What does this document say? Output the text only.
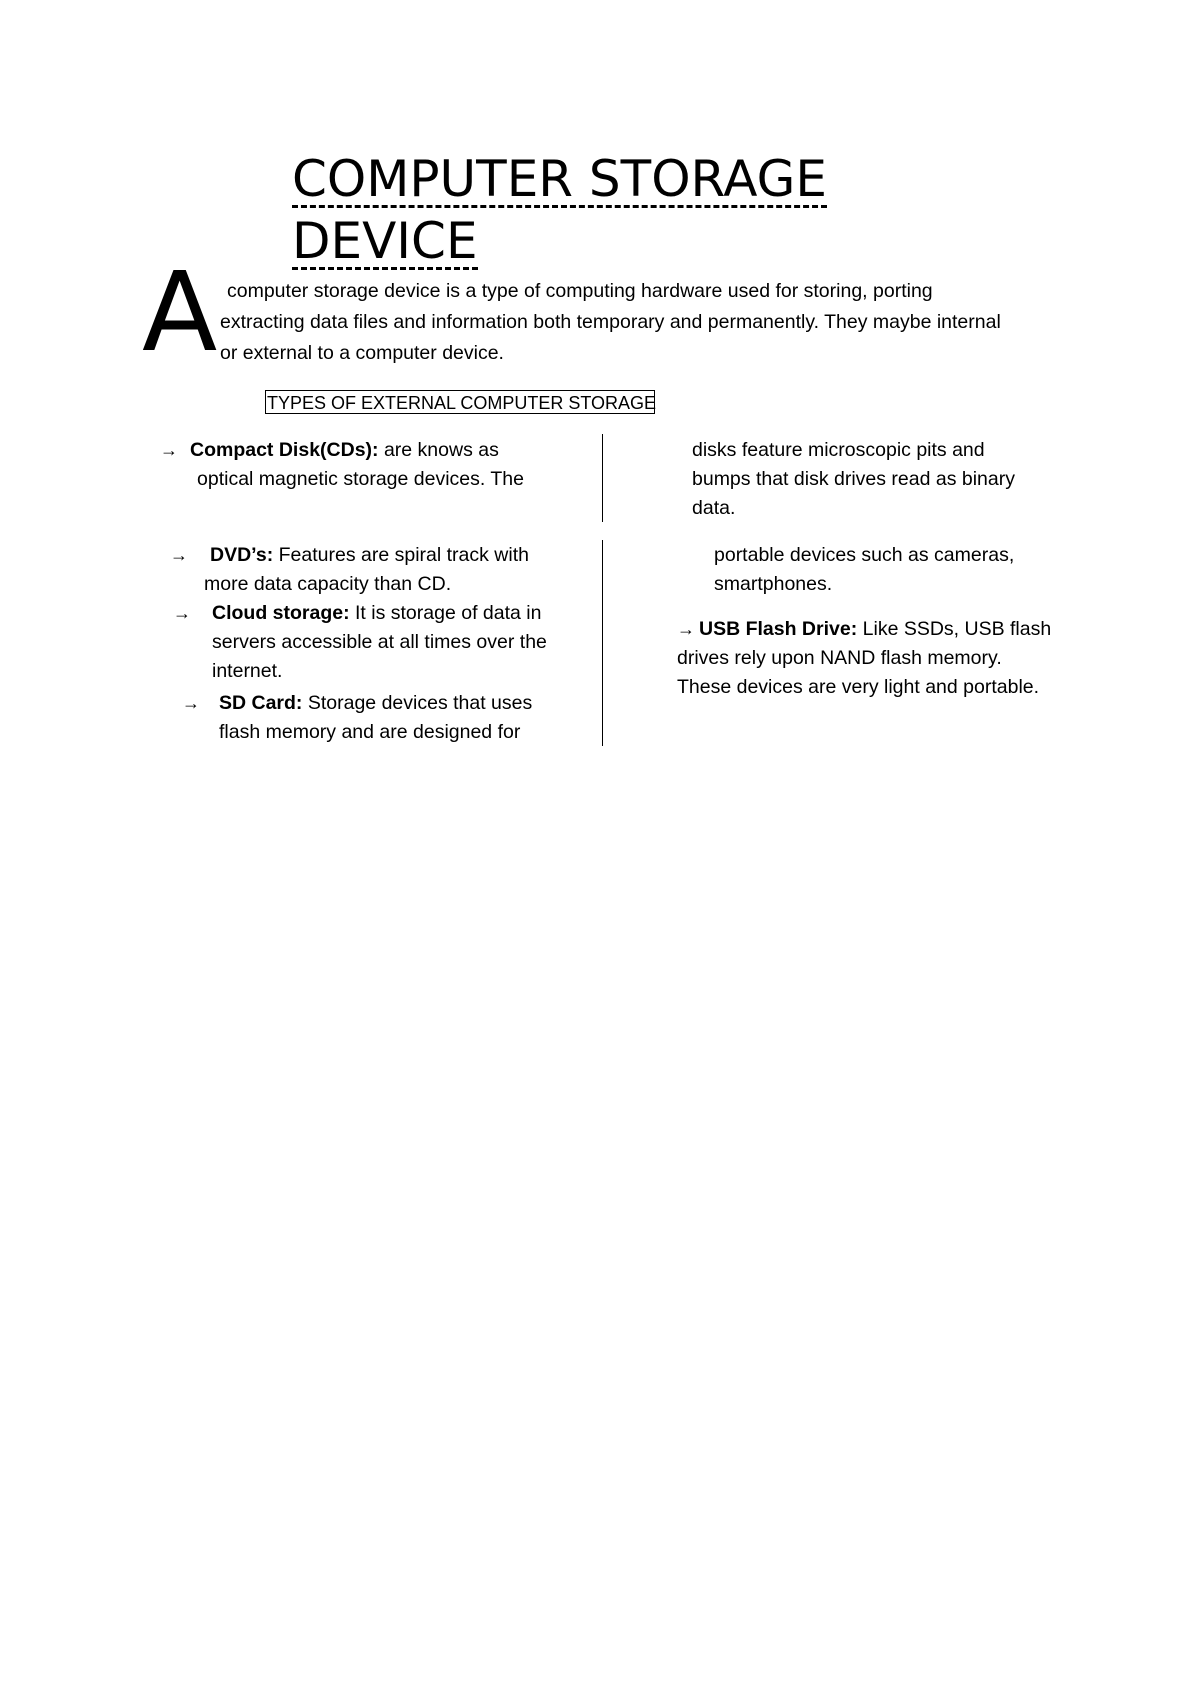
COMPUTER STORAGE
DEVICE
A computer storage device is a type of computing hardware used for storing, porting
extracting data files and information both temporary and permanently. They maybe internal
or external to a computer device.

TYPES OF EXTERNAL COMPUTER STORAGE

→ Compact Disk(CDs): are knows as
optical magnetic storage devices. The

disks feature microscopic pits and
bumps that disk drives read as binary
data.

→ DVD’s: Features are spiral track with
more data capacity than CD.

→ Cloud storage: It is storage of data in
servers accessible at all times over the
internet.

→ SD Card: Storage devices that uses
flash memory and are designed for

portable devices such as cameras,
smartphones.

→ USB Flash Drive: Like SSDs, USB flash
drives rely upon NAND flash memory.
These devices are very light and portable.
